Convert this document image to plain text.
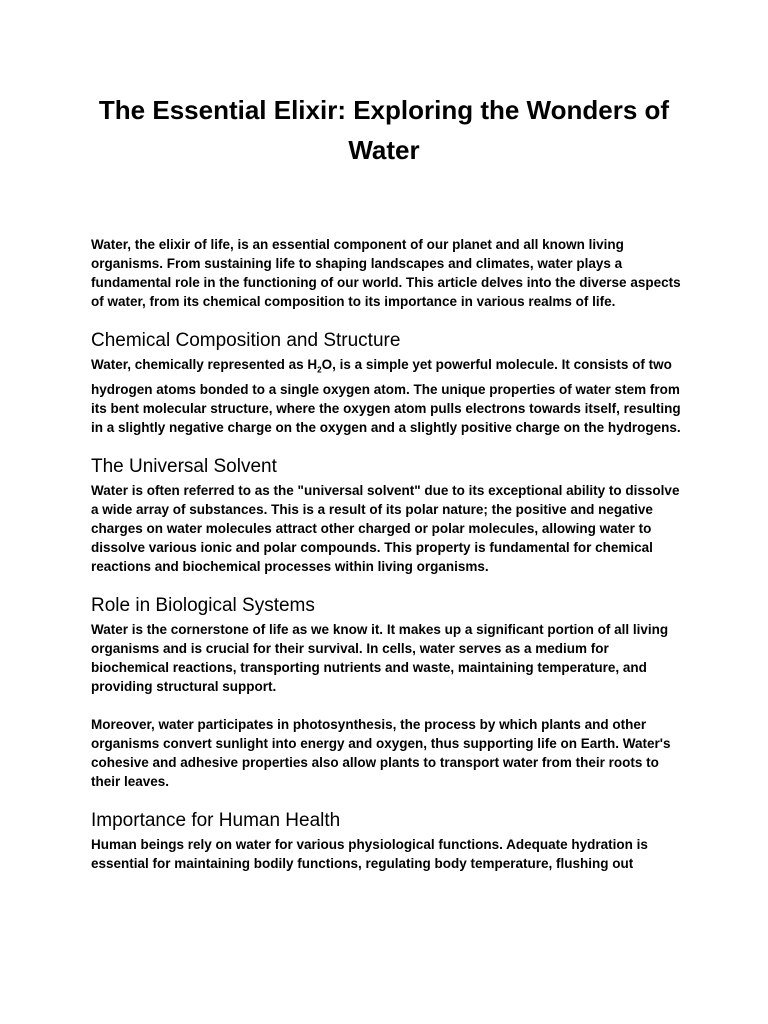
The Essential Elixir: Exploring the Wonders of Water

Water, the elixir of life, is an essential component of our planet and all known living organisms. From sustaining life to shaping landscapes and climates, water plays a fundamental role in the functioning of our world. This article delves into the diverse aspects of water, from its chemical composition to its importance in various realms of life.

Chemical Composition and Structure

Water, chemically represented as $H_2O$, is a simple yet powerful molecule. It consists of two hydrogen atoms bonded to a single oxygen atom. The unique properties of water stem from its bent molecular structure, where the oxygen atom pulls electrons towards itself, resulting in a slightly negative charge on the oxygen and a slightly positive charge on the hydrogens.

The Universal Solvent

Water is often referred to as the "universal solvent" due to its exceptional ability to dissolve a wide array of substances. This is a result of its polar nature; the positive and negative charges on water molecules attract other charged or polar molecules, allowing water to dissolve various ionic and polar compounds. This property is fundamental for chemical reactions and biochemical processes within living organisms.

Role in Biological Systems

Water is the cornerstone of life as we know it. It makes up a significant portion of all living organisms and is crucial for their survival. In cells, water serves as a medium for biochemical reactions, transporting nutrients and waste, maintaining temperature, and providing structural support.

Moreover, water participates in photosynthesis, the process by which plants and other organisms convert sunlight into energy and oxygen, thus supporting life on Earth. Water's cohesive and adhesive properties also allow plants to transport water from their roots to their leaves.

Importance for Human Health

Human beings rely on water for various physiological functions. Adequate hydration is essential for maintaining bodily functions, regulating body temperature, flushing out
